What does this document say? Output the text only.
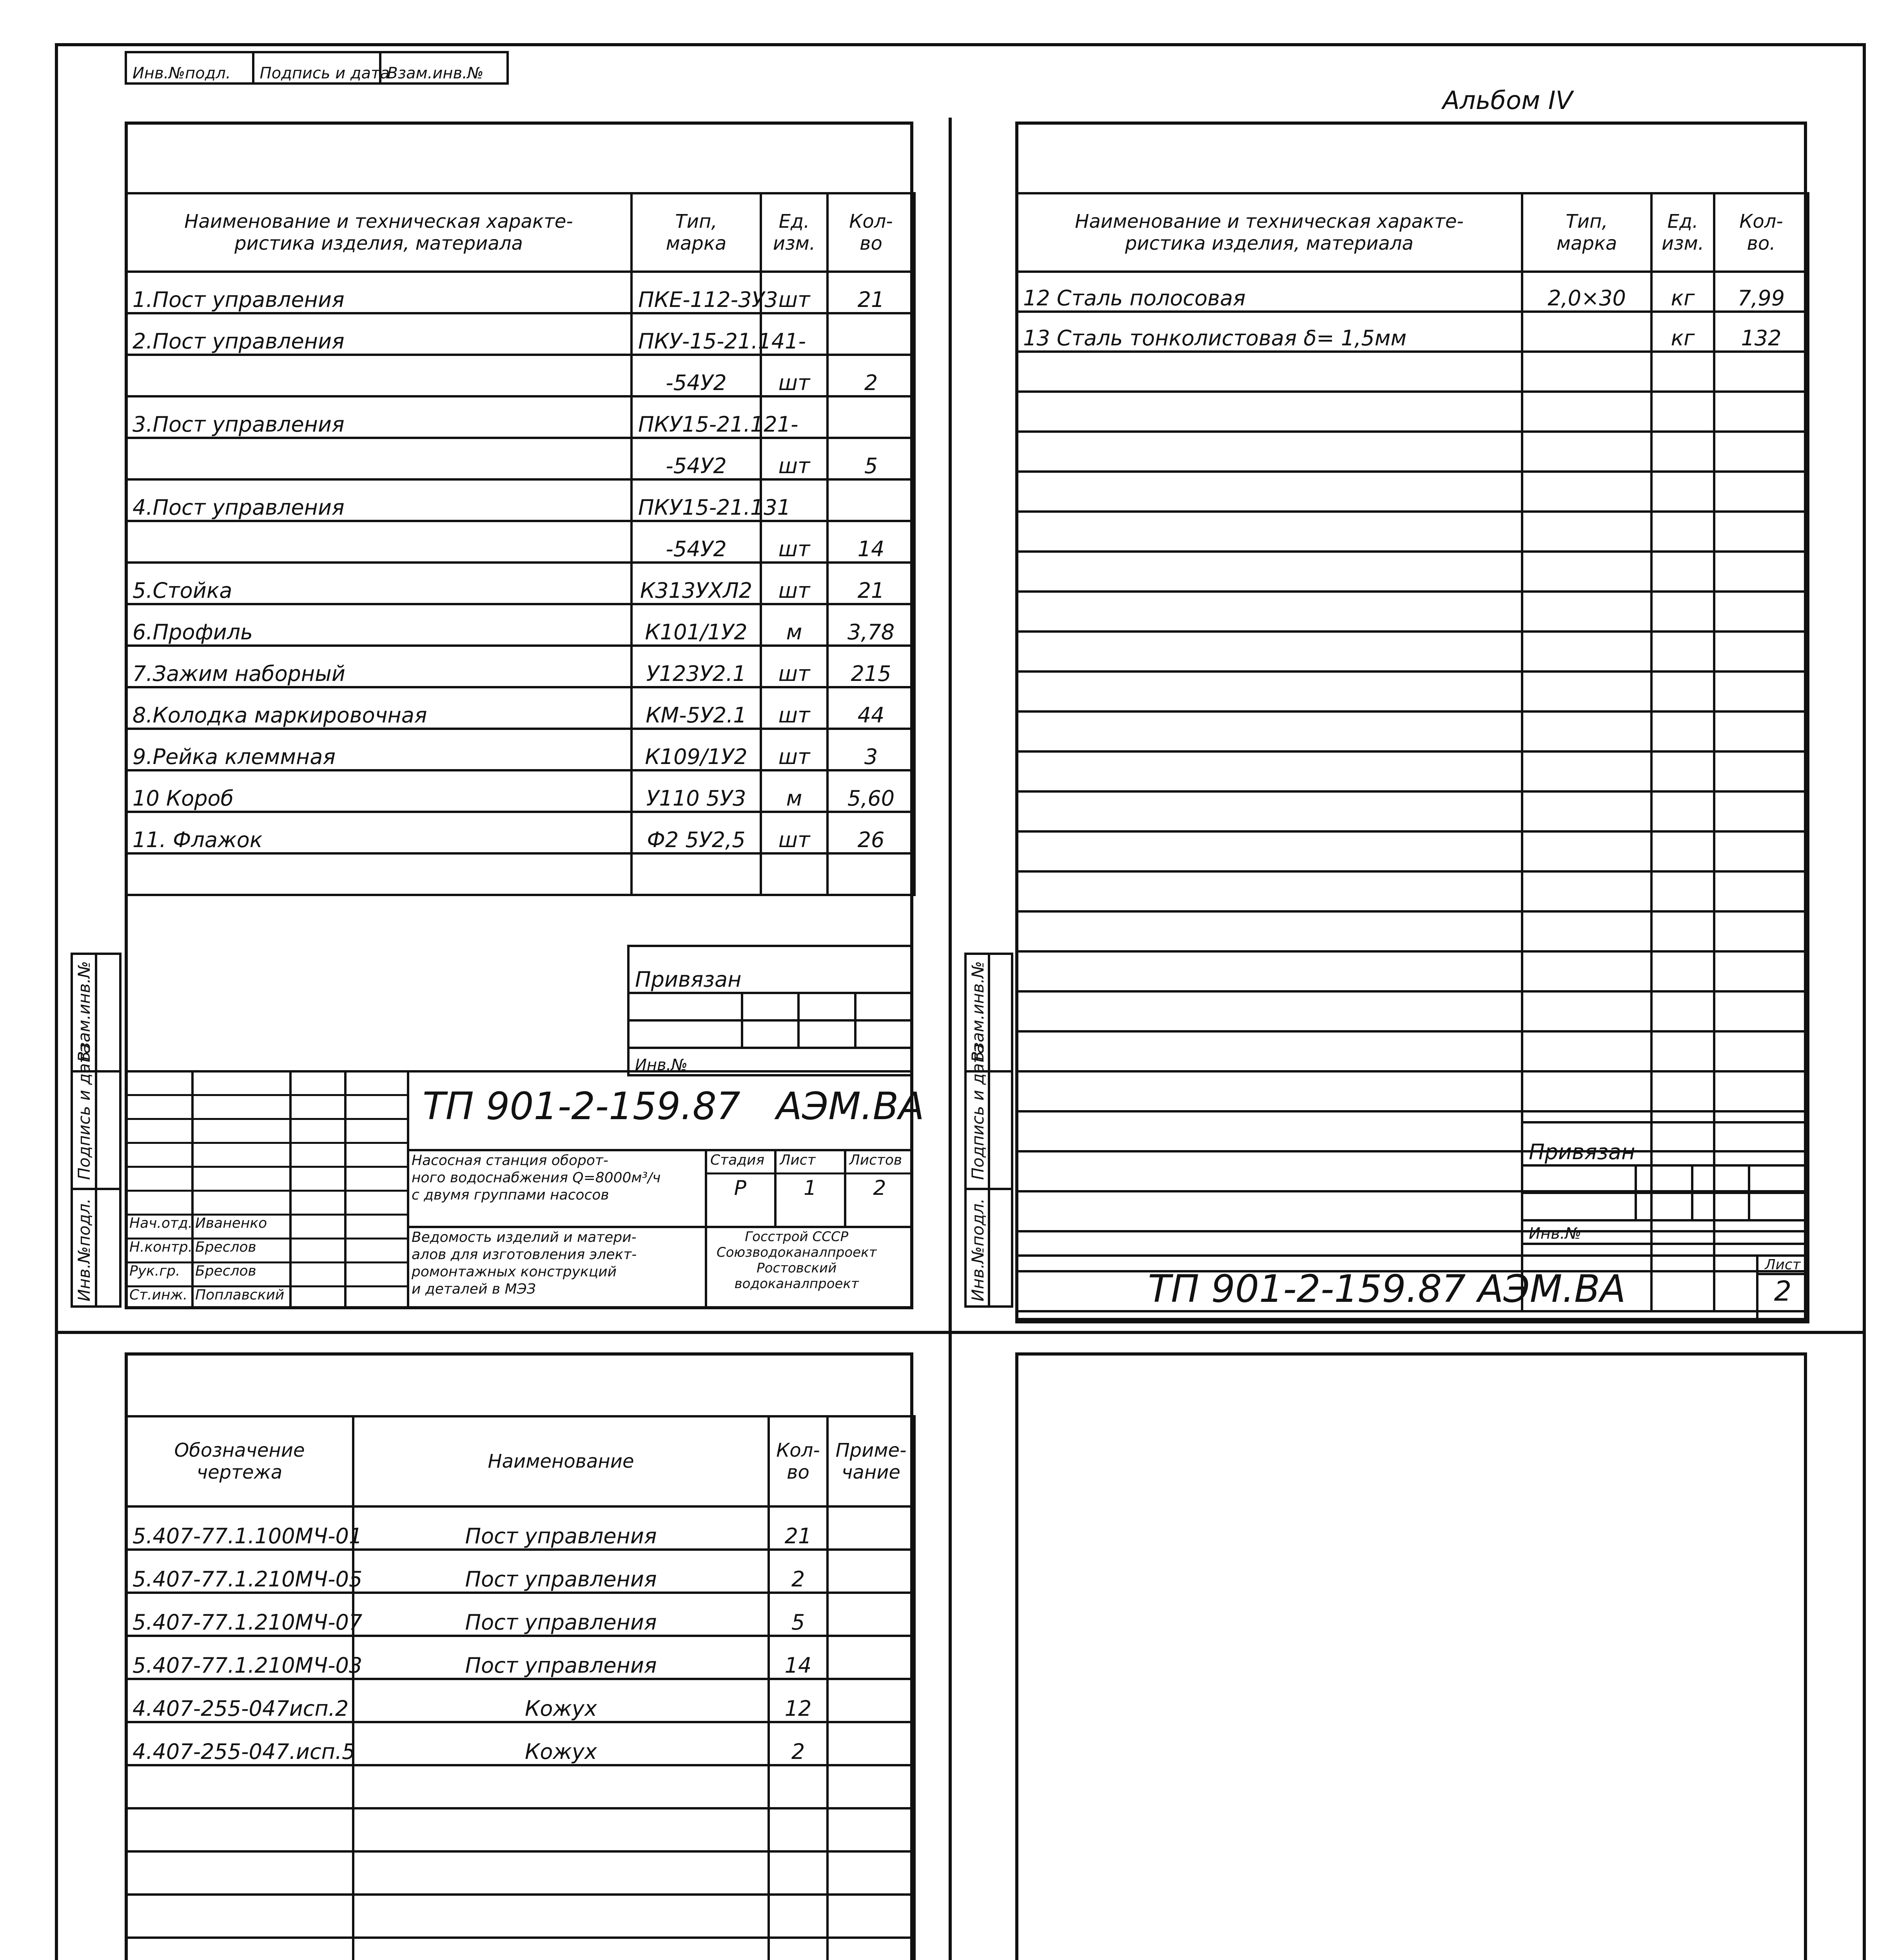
Инв.№подл.	Подпись и дата	Взам.инв.№
Альбом IV
Наименование и техническая характе-
ристика изделия, материала	Тип,
марка	Ед.
изм.	Кол-
во
1.Пост управления	ПКЕ-112-3У3	шт	21
2.Пост управления	ПКУ-15-21.141-		
	-54У2	шт	2
3.Пост управления	ПКУ15-21.121-		
	-54У2	шт	5
4.Пост управления	ПКУ15-21.131		
	-54У2	шт	14
5.Стойка	К313УХЛ2	шт	21
6.Профиль	К101/1У2	м	3,78
7.Зажим наборный	У123У2.1	шт	215
8.Колодка маркировочная	КМ-5У2.1	шт	44
9.Рейка клеммная	К109/1У2	шт	3
10 Короб	У110 5У3	м	5,60
11. Флажок	Ф2 5У2,5	шт	26

Взам.инв.№
Подпись и дата
Инв.№подл.
Привязан			

Инв.№			
Нач.отд. Иваненко
Н.контр. Бреслов
Рук.гр. Бреслов
Ст.инж. Поплавский
ТП 901-2-159.87   АЭМ.ВА
Насосная станция оборот-
ного водоснабжения Q=8000м³/ч
с двумя группами насосов
Ведомость изделий и матери-
алов для изготовления элект-
ромонтажных конструкций
и деталей в МЭЗ
Стадия
Р
Лист
1
Листов
2
Госстрой СССР
Союзводоканалпроект
Ростовский
водоканалпроект
Наименование и техническая характе-
ристика изделия, материала	Тип,
марка	Ед.
изм.	Кол-
во.
12 Сталь полосовая	2,0×30	кг	7,99
13 Сталь тонколистовая δ= 1,5мм		кг	132

Взам.инв.№
Подпись и дата
Инв.№подл.
Привязан			

Инв.№			
ТП 901-2-159.87 АЭМ.ВА	
Лист
2
Обозначение
чертежа	Наименование	Кол-
во	Приме-
чание
5.407-77.1.100МЧ-01	Пост управления	21	
5.407-77.1.210МЧ-05	Пост управления	2	
5.407-77.1.210МЧ-07	Пост управления	5	
5.407-77.1.210МЧ-03	Пост управления	14	
4.407-255-047исп.2	Кожух	12	
4.407-255-047.исп.5	Кожух	2	
